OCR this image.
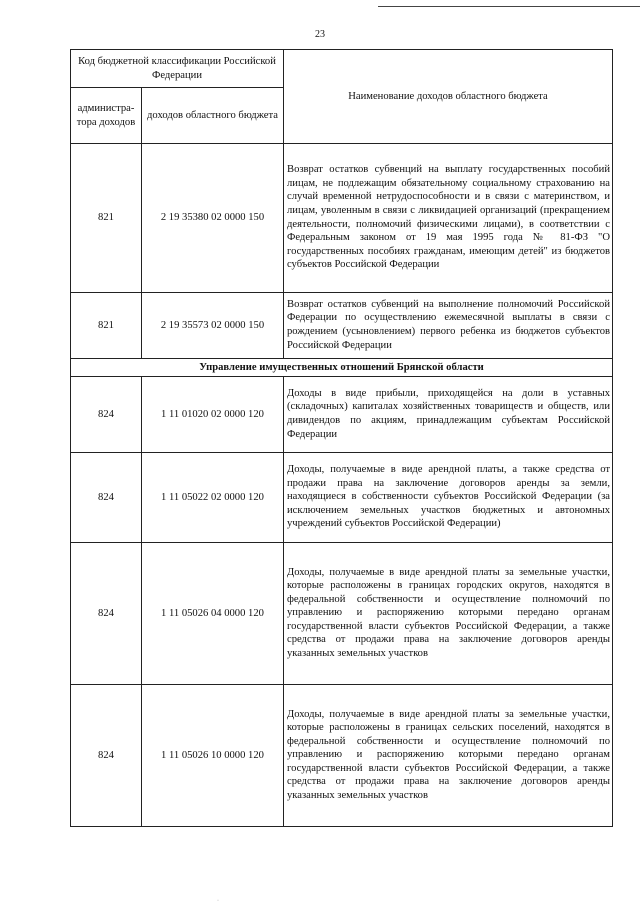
23
Код бюджетной классификации Российской Федерации		Наименование доходов областного бюджета
администра-тора доходов	доходов областного бюджета	
821	2 19 35380 02 0000 150	Возврат остатков субвенций на выплату государственных пособий лицам, не подлежащим обязательному социальному страхованию на случай временной нетрудоспособности и в связи с материнством, и лицам, уволенным в связи с ликвидацией организаций (прекращением деятельности, полномочий физическими лицами), в соответствии с Федеральным законом от 19 мая 1995 года № 81-ФЗ "О государственных пособиях гражданам, имеющим детей" из бюджетов субъектов Российской Федерации
821	2 19 35573 02 0000 150	Возврат остатков субвенций на выполнение полномочий Российской Федерации по осуществлению ежемесячной выплаты в связи с рождением (усыновлением) первого ребенка из бюджетов субъектов Российской Федерации
Управление имущественных отношений Брянской области		
824	1 11 01020 02 0000 120	Доходы в виде прибыли, приходящейся на доли в уставных (складочных) капиталах хозяйственных товариществ и обществ, или дивидендов по акциям, принадлежащим субъектам Российской Федерации
824	1 11 05022 02 0000 120	Доходы, получаемые в виде арендной платы, а также средства от продажи права на заключение договоров аренды за земли, находящиеся в собственности субъектов Российской Федерации (за исключением земельных участков бюджетных и автономных учреждений субъектов Российской Федерации)
824	1 11 05026 04 0000 120	Доходы, получаемые в виде арендной платы за земельные участки, которые расположены в границах городских округов, находятся в федеральной собственности и осуществление полномочий по управлению и распоряжению которыми передано органам государственной власти субъектов Российской Федерации, а также средства от продажи права на заключение договоров аренды указанных земельных участков
824	1 11 05026 10 0000 120	Доходы, получаемые в виде арендной платы за земельные участки, которые расположены в границах сельских поселений, находятся в федеральной собственности и осуществление полномочий по управлению и распоряжению которыми передано органам государственной власти субъектов Российской Федерации, а также средства от продажи права на заключение договоров аренды указанных земельных участков
·
